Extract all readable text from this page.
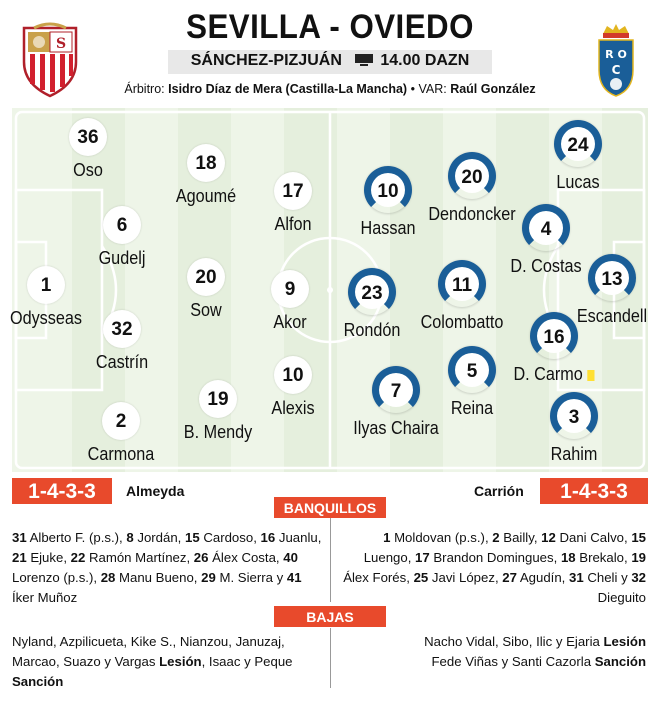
S
R O
C
SEVILLA - OVIEDO
SÁNCHEZ-PIZJUÁN 14.00 DAZN
Árbitro: Isidro Díaz de Mera (Castilla-La Mancha) • VAR: Raúl González
36
Oso	18
Agoumé	17
Alfon
6
Gudelj
1
Odysseas
20
Sow
9
Akor
32
Castrín
10
Alexis
19
B. Mendy
2
Carmona
24
Lucas
20
Dendoncker
10
Hassan	4
D. Costas
13
Escandell
23
Rondón
11
Colombatto
16
D. Carmo
5
Reina
7
Ilyas Chaira	3
Rahim
1-4-3-3	Almeyda	Carrión	1-4-3-3
BANQUILLOS
31 Alberto F. (p.s.), 8 Jordán, 15 Cardoso, 16 Juanlu, 21 Ejuke, 22 Ramón Martínez, 26 Álex Costa, 40 Lorenzo (p.s.), 28 Manu Bueno, 29 M. Sierra y 41 Íker Muñoz
1 Moldovan (p.s.), 2 Bailly, 12 Dani Calvo, 15 Luengo, 17 Brandon Domingues, 18 Brekalo, 19 Álex Forés, 25 Javi López, 27 Agudín, 31 Cheli y 32 Dieguito
BAJAS
Nyland, Azpilicueta, Kike S., Nianzou, Januzaj, Marcao, Suazo y Vargas Lesión, Isaac y Peque Sanción
Nacho Vidal, Sibo, Ilic y Ejaria Lesión
Fede Viñas y Santi Cazorla Sanción
